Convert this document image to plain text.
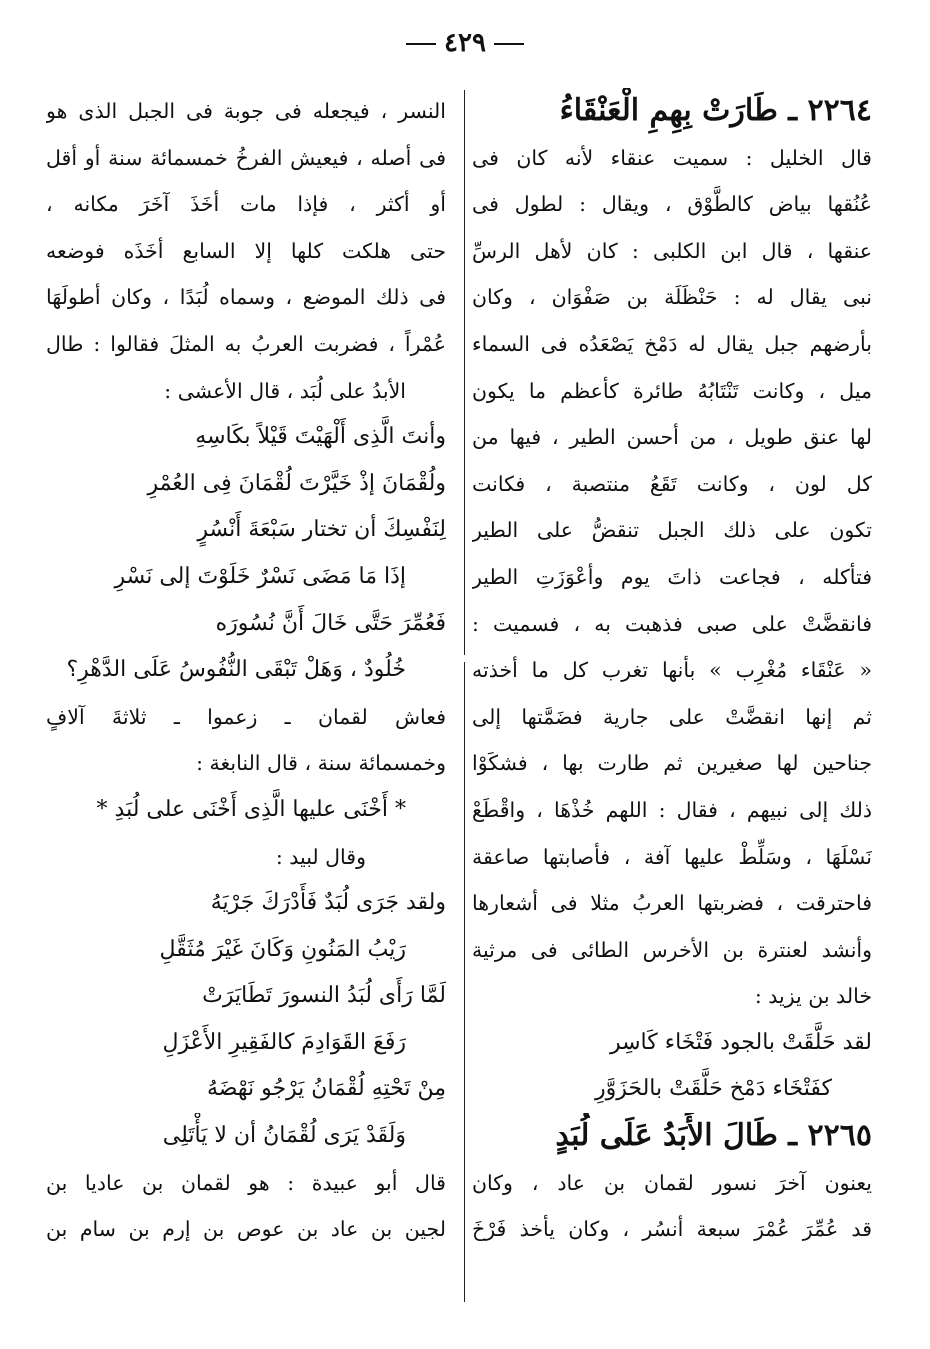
٤٢٩
٢٢٦٤ ـ طَارَتْ بِهِمِ الْعَنْقَاءُ
قال الخليل : سميت عنقاء لأنه كان فى
عُنُقها بياض كالطَّوْق ، ويقال : لطول فى
عنقها ، قال ابن الكلبى : كان لأهل الرسِّ
نبى يقال له : حَنْظَلَة بن صَفْوَان ، وكان
بأرضهم جبل يقال له دَمْخ يَصْعَدُه فى السماء
ميل ، وكانت تَنْتَابُهُ طائرة كأعظم ما يكون
لها عنق طويل ، من أحسن الطير ، فيها من
كل لون ، وكانت تَقَعُ منتصبة ، فكانت
تكون على ذلك الجبل تنقضُّ على الطير
فتأكله ، فجاعت ذاتَ يوم وأعْوَزَتِ الطير
فانقضَّتْ على صبى فذهبت به ، فسميت :
« عَنْقَاء مُغْرِب » بأنها تغرب كل ما أخذته
ثم إنها انقضَّتْ على جارية فضَمَّتها إلى
جناحين لها صغيرين ثم طارت بها ، فشكَوْا
ذلك إلى نبيهم ، فقال : اللهم خُذْهَا ، واقْطَعْ
نَسْلَهَا ، وسَلِّطْ عليها آفة ، فأصابتها صاعقة
فاحترقت ، فضربتها العربُ مثلا فى أشعارها
وأنشد لعنترة بن الأخرس الطائى فى مرثية
خالد بن يزيد :
لقد حَلَّقَتْ بالجود فَتْخَاء كَاسِر
كفَتْخَاء دَمْخ حَلَّقَتْ بالحَزَوَّرِ
٢٢٦٥ ـ طَالَ الأَبَدُ عَلَى لُبَدٍ
يعنون آخرَ نسور لقمان بن عاد ، وكان
قد عُمِّرَ عُمْرَ سبعة أنسُر ، وكان يأخذ فَرْخَ
النسر ، فيجعله فى جوبة فى الجبل الذى هو
فى أصله ، فيعيش الفرخُ خمسمائة سنة أو أقل
أو أكثر ، فإذا مات أخَذَ آخَرَ مكانه ،
حتى هلكت كلها إلا السابع أخَذَه فوضعه
فى ذلك الموضع ، وسماه لُبَدًا ، وكان أطولَهَا
عُمْراً ، فضربت العربُ به المثلَ فقالوا : طال
الأبدُ على لُبَد ، قال الأعشى :
وأنتَ الَّذِى أَلْهَيْتَ قَيْلاً بكَاسِهِ
ولُقْمَانَ إذْ خَيَّرْتَ لُقْمَانَ فِى العُمْرِ
لِنَفْسِكَ أن تختار سَبْعَةَ أَنْسُرٍ
إذَا مَا مَضَى نَسْرٌ خَلَوْتَ إلى نَسْرِ
فَعُمِّرَ حَتَّى خَالَ أَنَّ نُسُورَه
خُلُودٌ ، وَهَلْ تَبْقَى النُّفُوسُ عَلَى الدَّهْرِ؟
فعاش لقمان ـ زعموا ـ ثلاثةَ آلافٍ
وخمسمائة سنة ، قال النابغة :
* أَخْنَى عليها الَّذِى أَخْنَى على لُبَدِ *
وقال لبيد :
ولقد جَرَى لُبَدٌ فَأَدْرَكَ جَرْيَهُ
رَيْبُ المَنُونِ وَكَانَ غَيْرَ مُثَقَّلِ
لَمَّا رَأَى لُبَدُ النسورَ تَطَايَرَتْ
رَفَعَ القَوَادِمَ كالفَقِيرِ الأَعْزَلِ
مِنْ تَحْتِهِ لُقْمَانُ يَرْجُو نَهْضَهُ
وَلَقَدْ يَرَى لُقْمَانُ أن لا يَأْتَلِى
قال أبو عبيدة : هو لقمان بن عاديا بن
لجين بن عاد بن عوص بن إرم بن سام بن
